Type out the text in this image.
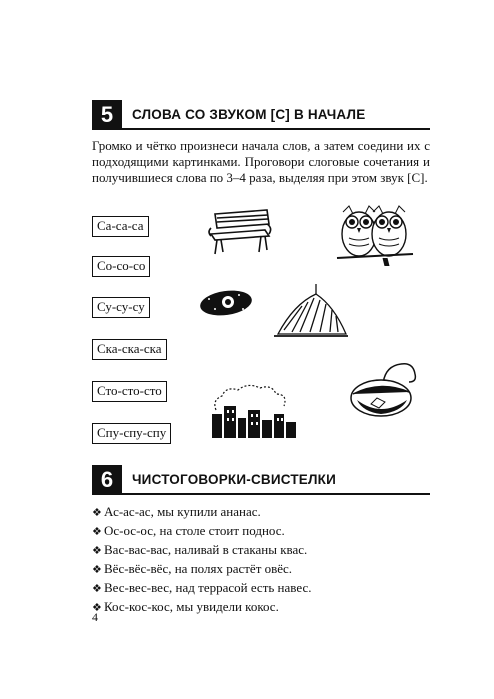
5	СЛОВА СО ЗВУКОМ [С] В НАЧАЛЕ
Громко и чётко произнеси начала слов, а затем соедини их с подходящими картинками. Проговори слоговые сочетания и получившиеся слова по 3–4 раза, выделяя при этом звук [С].
Са-са-са
Со-со-со
Су-су-су
Ска-ска-ска
Сто-сто-сто
Спу-спу-спу
6	ЧИСТОГОВОРКИ-СВИСТЕЛКИ
❖ Ас-ас-ас, мы купили ананас.
❖ Ос-ос-ос, на столе стоит поднос.
❖ Вас-вас-вас, наливай в стаканы квас.
❖ Вёс-вёс-вёс, на полях растёт овёс.
❖ Вес-вес-вес, над террасой есть навес.
❖ Кос-кос-кос, мы увидели кокос.
4
